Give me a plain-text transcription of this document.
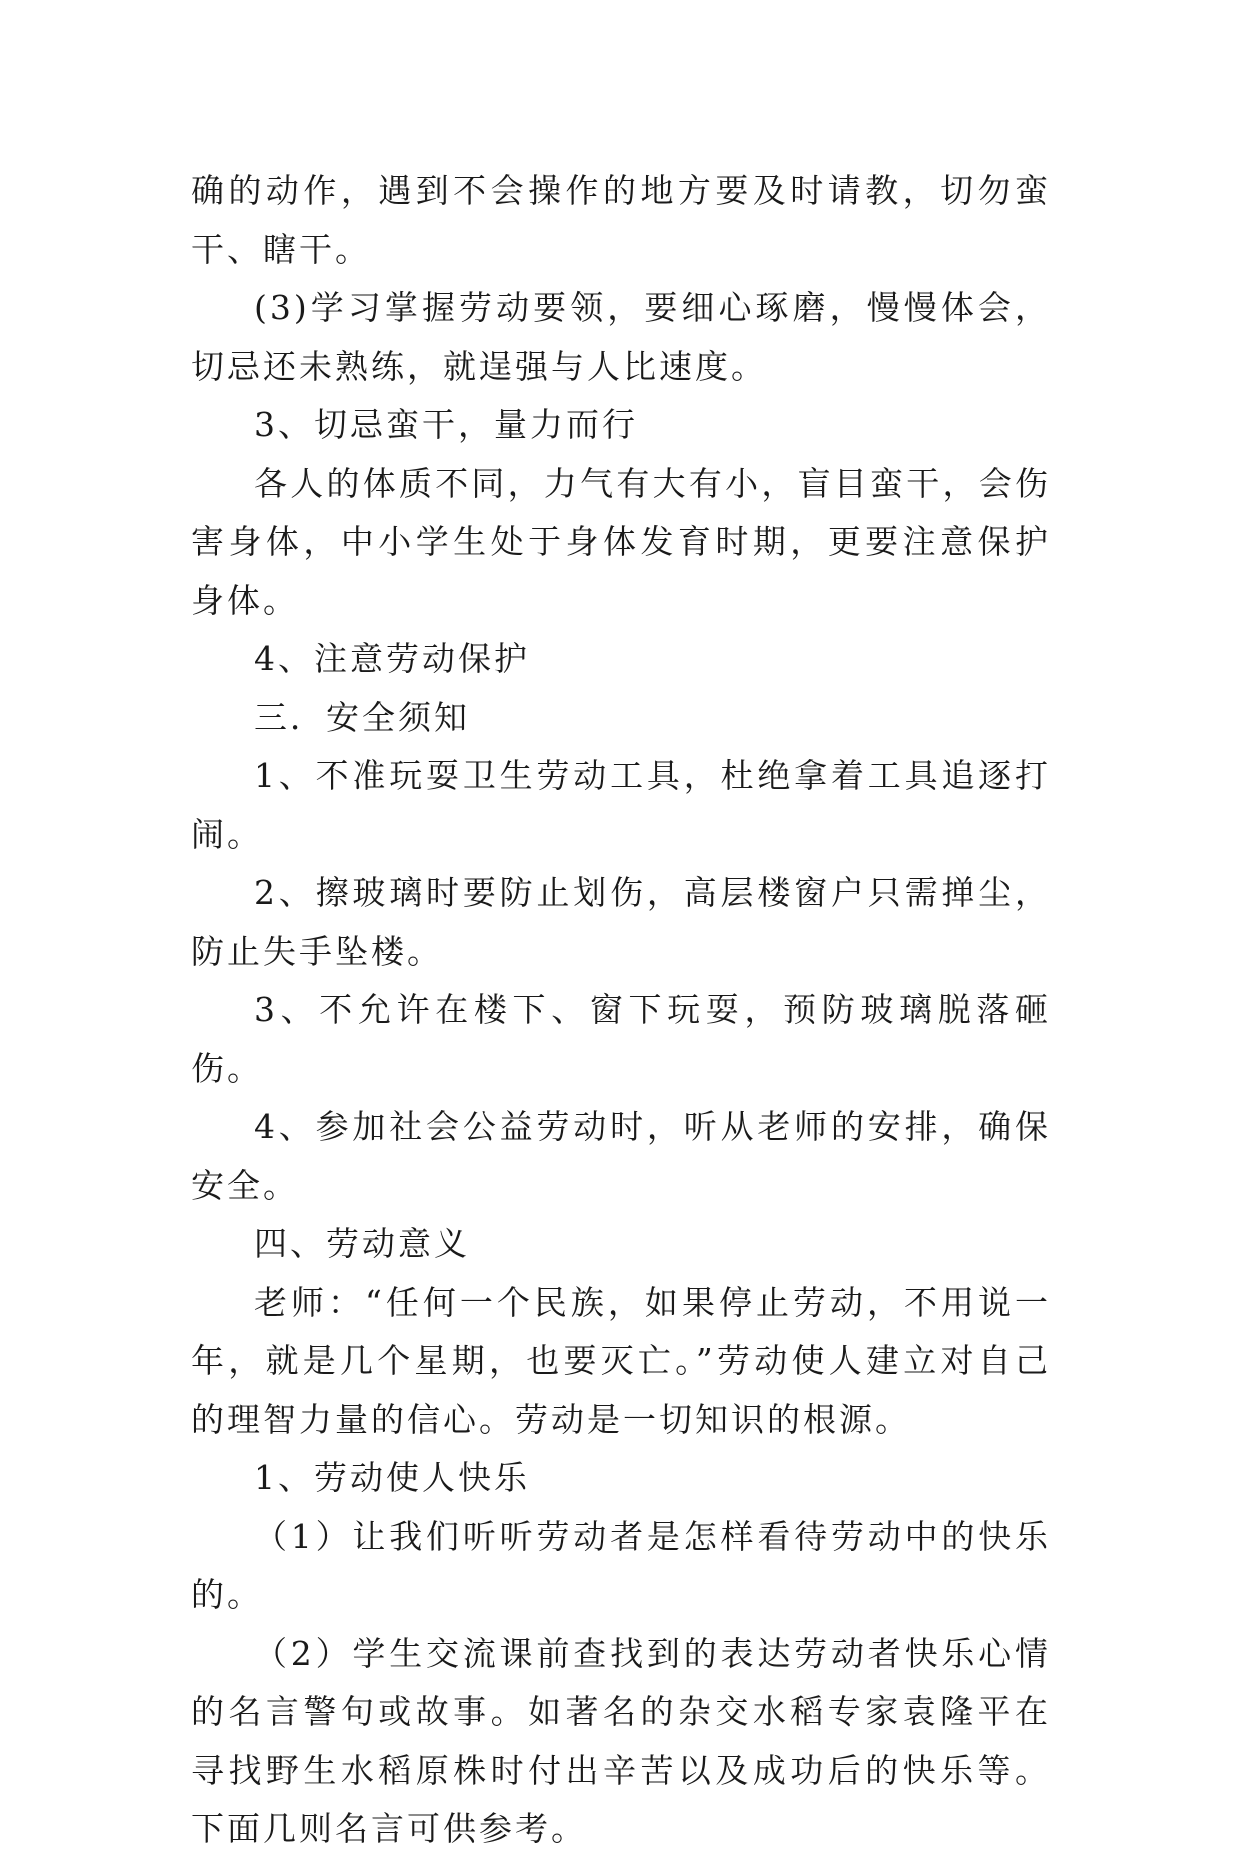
确的动作，遇到不会操作的地方要及时请教，切勿蛮干、瞎干。

(3)学习掌握劳动要领，要细心琢磨，慢慢体会，切忌还未熟练，就逞强与人比速度。

3、切忌蛮干，量力而行

各人的体质不同，力气有大有小，盲目蛮干，会伤害身体，中小学生处于身体发育时期，更要注意保护身体。

4、注意劳动保护

三．安全须知

1、不准玩耍卫生劳动工具，杜绝拿着工具追逐打闹。

2、擦玻璃时要防止划伤，高层楼窗户只需掸尘，防止失手坠楼。

3、不允许在楼下、窗下玩耍，预防玻璃脱落砸伤。

4、参加社会公益劳动时，听从老师的安排，确保安全。

四、劳动意义

老师：“任何一个民族，如果停止劳动，不用说一年，就是几个星期，也要灭亡。”劳动使人建立对自己的理智力量的信心。劳动是一切知识的根源。

1、劳动使人快乐

（1）让我们听听劳动者是怎样看待劳动中的快乐的。

（2）学生交流课前查找到的表达劳动者快乐心情的名言警句或故事。如著名的杂交水稻专家袁隆平在寻找野生水稻原株时付出辛苦以及成功后的快乐等。下面几则名言可供参考。
